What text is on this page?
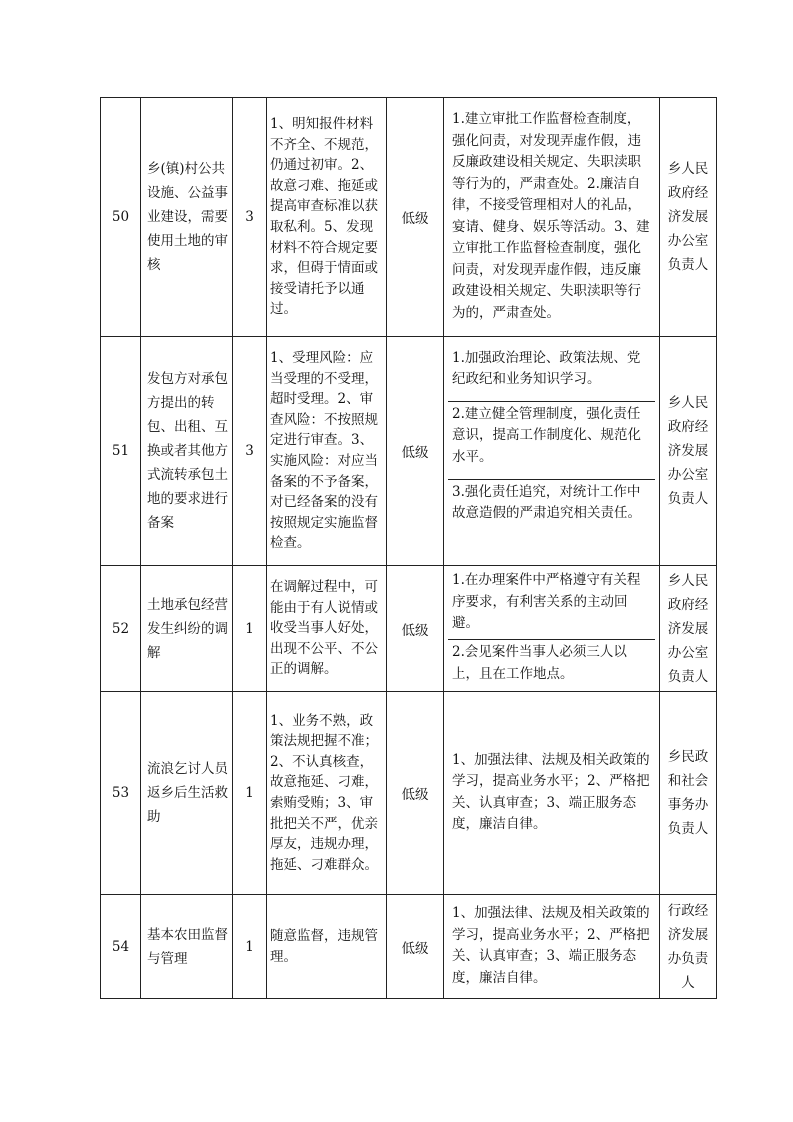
50	乡(镇)村公共设施、公益事业建设，需要使用土地的审核	3	1、明知报件材料不齐全、不规范，仍通过初审。2、故意刁难、拖延或提高审查标准以获取私利。5、发现材料不符合规定要求，但碍于情面或接受请托予以通过。	低级	1.建立审批工作监督检查制度，强化问责，对发现弄虚作假，违反廉政建设相关规定、失职渎职等行为的，严肃查处。2.廉洁自律，不接受管理相对人的礼品，宴请、健身、娱乐等活动。3、建立审批工作监督检查制度，强化问责，对发现弄虚作假，违反廉政建设相关规定、失职渎职等行为的，严肃查处。	乡人民政府经济发展办公室负责人
51	发包方对承包方提出的转包、出租、互换或者其他方式流转承包土地的要求进行备案	3	1、受理风险：应当受理的不受理，超时受理。2、审查风险：不按照规定进行审查。3、实施风险：对应当备案的不予备案，对已经备案的没有按照规定实施监督检查。	低级	1.加强政治理论、政策法规、党纪政纪和业务知识学习。
2.建立健全管理制度，强化责任意识，提高工作制度化、规范化水平。
3.强化责任追究，对统计工作中故意造假的严肃追究相关责任。	乡人民政府经济发展办公室负责人
52	土地承包经营发生纠纷的调解	1	在调解过程中，可能由于有人说情或收受当事人好处，出现不公平、不公正的调解。	低级	1.在办理案件中严格遵守有关程序要求，有利害关系的主动回避。
2.会见案件当事人必须三人以上，且在工作地点。	乡人民政府经济发展办公室负责人
53	流浪乞讨人员返乡后生活救助	1	1、业务不熟，政策法规把握不准；2、不认真核查，故意拖延、刁难，索贿受贿；3、审批把关不严，优亲厚友，违规办理，拖延、刁难群众。	低级	1、加强法律、法规及相关政策的学习，提高业务水平；2、严格把关、认真审查；3、端正服务态度，廉洁自律。	乡民政和社会事务办负责人
54	基本农田监督与管理	1	随意监督，违规管理。	低级	1、加强法律、法规及相关政策的学习，提高业务水平；2、严格把关、认真审查；3、端正服务态度，廉洁自律。	行政经济发展办负责人
